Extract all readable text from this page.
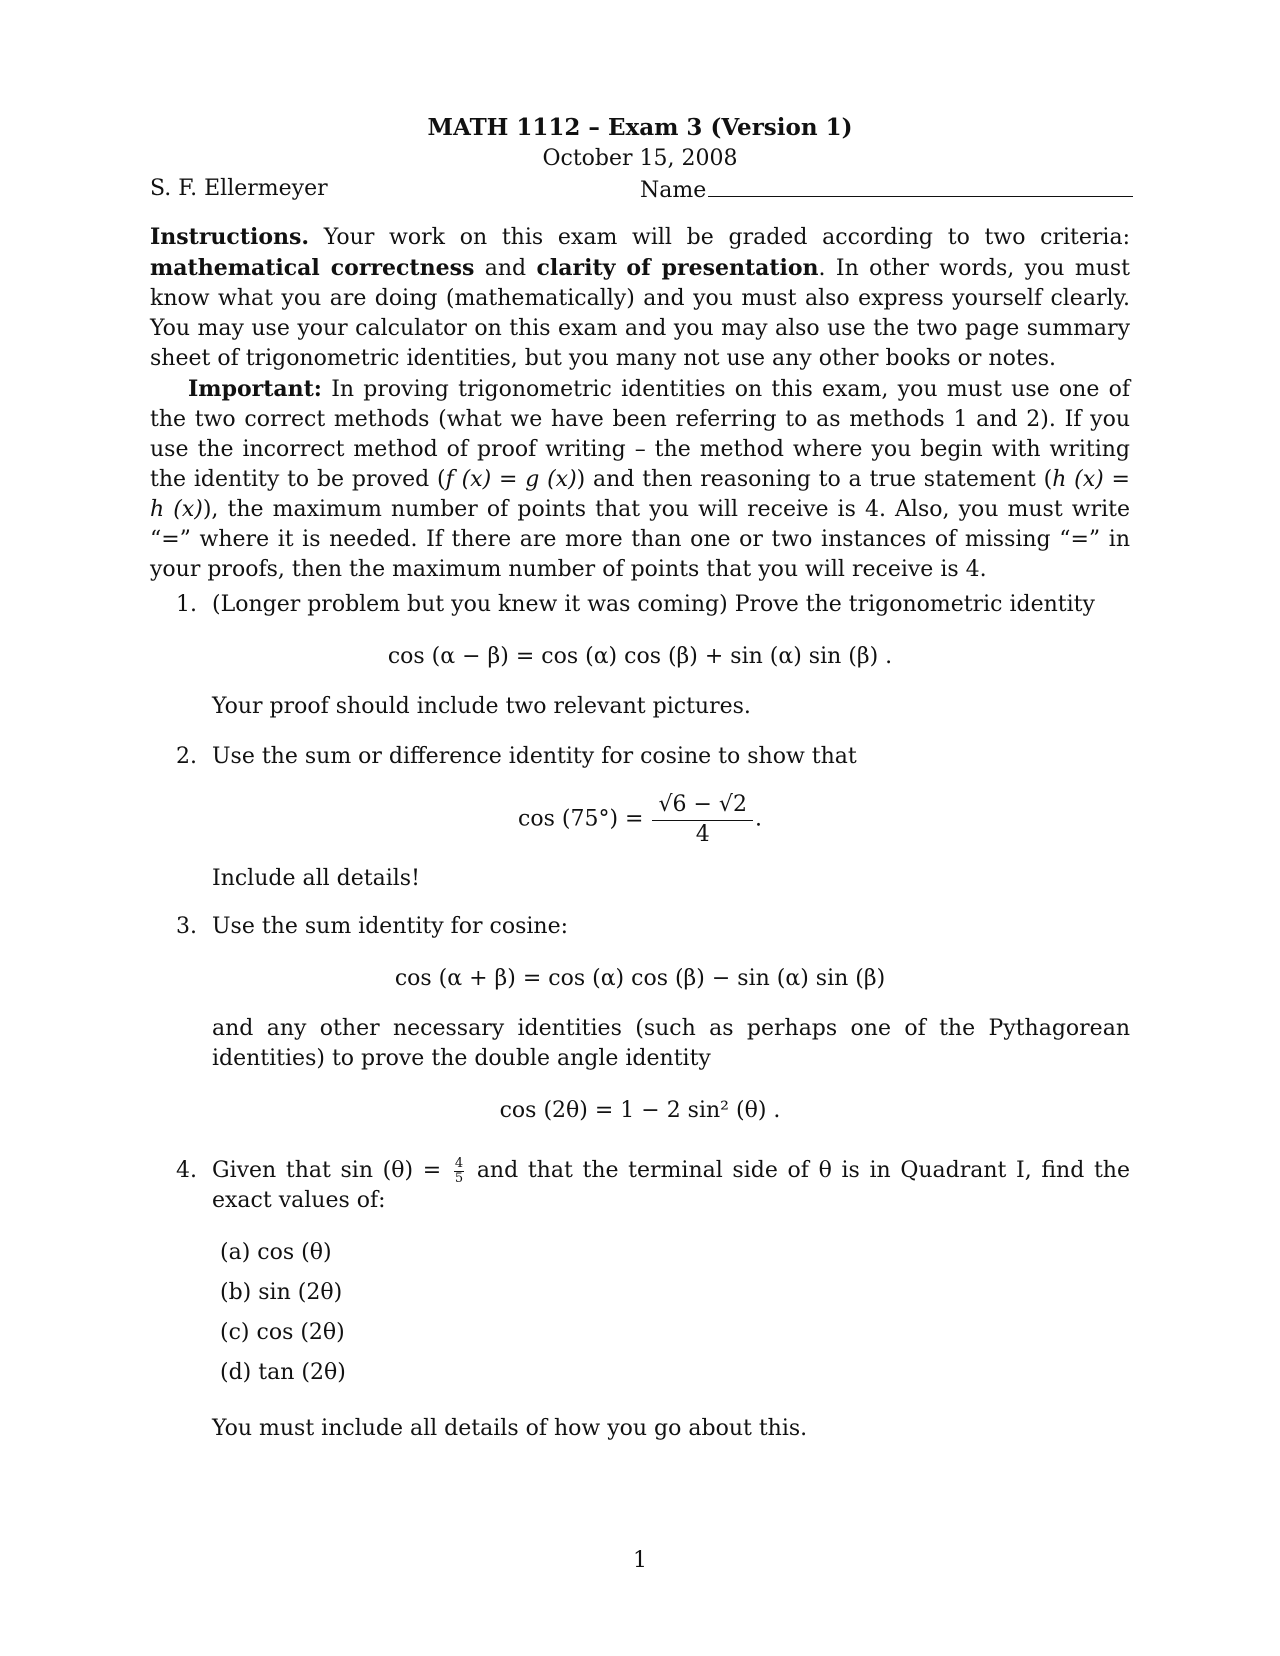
MATH 1112 – Exam 3 (Version 1)
October 15, 2008
S. F. Ellermeyer	Name

Instructions. Your work on this exam will be graded according to two criteria: mathematical correctness and clarity of presentation. In other words, you must know what you are doing (mathematically) and you must also express yourself clearly. You may use your calculator on this exam and you may also use the two page summary sheet of trigonometric identities, but you many not use any other books or notes.

Important: In proving trigonometric identities on this exam, you must use one of the two correct methods (what we have been referring to as methods 1 and 2). If you use the incorrect method of proof writing – the method where you begin with writing the identity to be proved (f (x) = g (x)) and then reasoning to a true statement (h (x) = h (x)), the maximum number of points that you will receive is 4. Also, you must write “=” where it is needed. If there are more than one or two instances of missing “=” in your proofs, then the maximum number of points that you will receive is 4.

1. (Longer problem but you knew it was coming) Prove the trigonometric identity
cos (α − β) = cos (α) cos (β) + sin (α) sin (β) .
Your proof should include two relevant pictures.
2. Use the sum or difference identity for cosine to show that
$\cos (75^\circ) = \frac{√6 - √2}{4}$ .
Include all details!
3. Use the sum identity for cosine:
cos (α + β) = cos (α) cos (β) − sin (α) sin (β)
and any other necessary identities (such as perhaps one of the Pythagorean identities) to prove the double angle identity
cos (2θ) = 1 − 2 sin² (θ) .
4. Given that $\sin (\theta) = \frac{4}{5}$ and that the terminal side of θ is in Quadrant I, find the exact values of:
(a) cos (θ)
(b) sin (2θ)
(c) cos (2θ)
(d) tan (2θ)
You must include all details of how you go about this.
1
